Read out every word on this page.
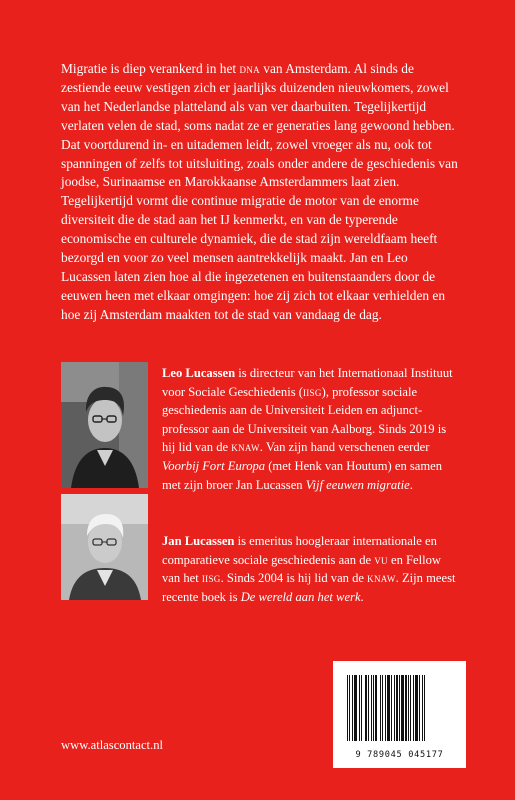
Migratie is diep verankerd in het dna van Amsterdam. Al sinds de zestiende eeuw vestigen zich er jaarlijks duizenden nieuwkomers, zowel van het Nederlandse platteland als van ver daarbuiten. Tegelijkertijd verlaten velen de stad, soms nadat ze er generaties lang gewoond hebben. Dat voortdurend in- en uitademen leidt, zowel vroeger als nu, ook tot spanningen of zelfs tot uitsluiting, zoals onder andere de geschiedenis van joodse, Surinaamse en Marokkaanse Amsterdammers laat zien. Tegelijkertijd vormt die continue migratie de motor van de enorme diversiteit die de stad aan het IJ kenmerkt, en van de typerende economische en culturele dynamiek, die de stad zijn wereldfaam heeft bezorgd en voor zo veel mensen aantrekkelijk maakt. Jan en Leo Lucassen laten zien hoe al die ingezetenen en buitenstaanders door de eeuwen heen met elkaar omgingen: hoe zij zich tot elkaar verhielden en hoe zij Amsterdam maakten tot de stad van vandaag de dag.

Leo Lucassen is directeur van het Internationaal Instituut voor Sociale Geschiedenis (iisg), professor sociale geschiedenis aan de Universiteit Leiden en adjunct-professor aan de Universiteit van Aalborg. Sinds 2019 is hij lid van de knaw. Van zijn hand verschenen eerder Voorbij Fort Europa (met Henk van Houtum) en samen met zijn broer Jan Lucassen Vijf eeuwen migratie.

Jan Lucassen is emeritus hoogleraar internationale en comparatieve sociale geschiedenis aan de vu en Fellow van het iisg. Sinds 2004 is hij lid van de knaw. Zijn meest recente boek is De wereld aan het werk.

www.atlascontact.nl
9 789045 045177
